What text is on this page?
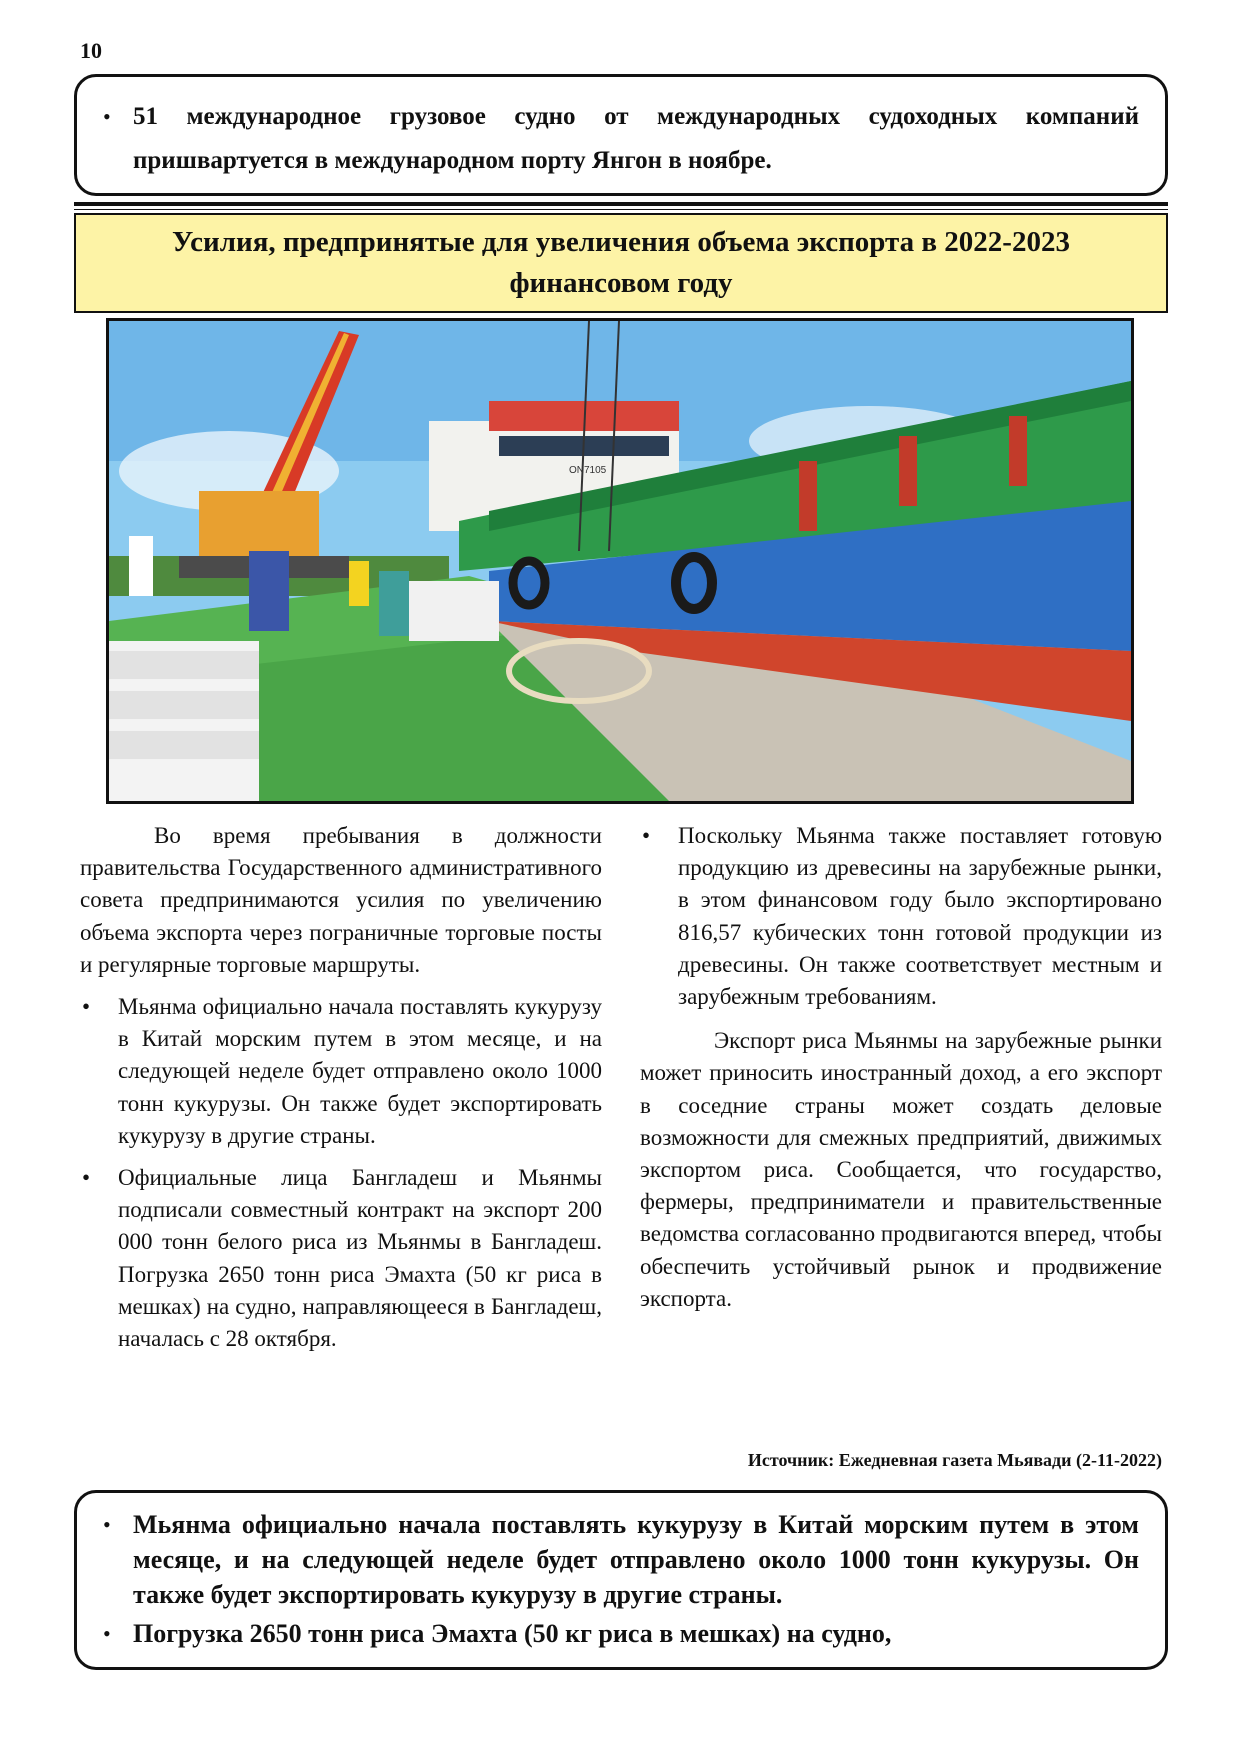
10
• 51 международное грузовое судно от международных судоходных компаний пришвартуется в международном порту Янгон в ноябре.

Усилия, предпринятые для увеличения объема экспорта в 2022-2023 финансовом году
ON7105

Во время пребывания в должности правительства Государственного административного совета предпринимаются усилия по увеличению объема экспорта через пограничные торговые посты и регулярные торговые маршруты.

• Мьянма официально начала поставлять кукурузу в Китай морским путем в этом месяце, и на следующей неделе будет отправлено около 1000 тонн кукурузы. Он также будет экспортировать кукурузу в другие страны.
• Официальные лица Бангладеш и Мьянмы подписали совместный контракт на экспорт 200 000 тонн белого риса из Мьянмы в Бангладеш. Погрузка 2650 тонн риса Эмахта (50 кг риса в мешках) на судно, направляющееся в Бангладеш, началась с 28 октября.
• Поскольку Мьянма также поставляет готовую продукцию из древесины на зарубежные рынки, в этом финансовом году было экспортировано 816,57 кубических тонн готовой продукции из древесины. Он также соответствует местным и зарубежным требованиям.

Экспорт риса Мьянмы на зарубежные рынки может приносить иностранный доход, а его экспорт в соседние страны может создать деловые возможности для смежных предприятий, движимых экспортом риса. Сообщается, что государство, фермеры, предприниматели и правительственные ведомства согласованно продвигаются вперед, чтобы обеспечить устойчивый рынок и продвижение экспорта.

Источник: Ежедневная газета Мьявади (2-11-2022)
• Мьянма официально начала поставлять кукурузу в Китай морским путем в этом месяце, и на следующей неделе будет отправлено около 1000 тонн кукурузы. Он также будет экспортировать кукурузу в другие страны.

• Погрузка 2650 тонн риса Эмахта (50 кг риса в мешках) на судно,
